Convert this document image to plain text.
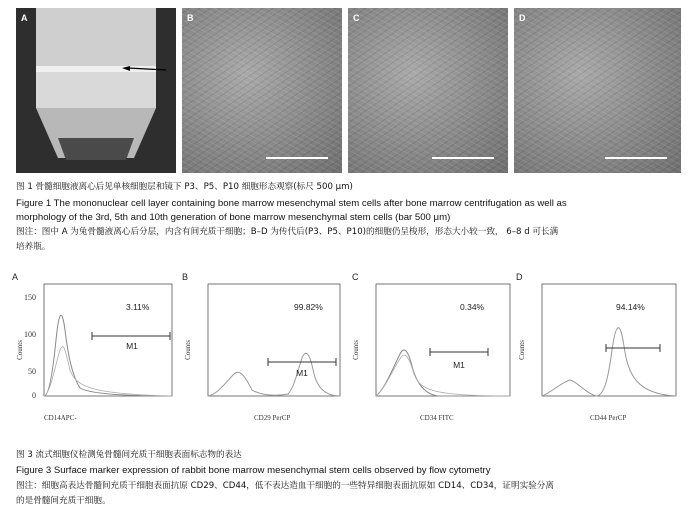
A	B	C	D
图 1 骨髓细胞液离心后见单核细胞层和镜下 P3、P5、P10 细胞形态观察(标尺 500 μm)
Figure 1 The mononuclear cell layer containing bone marrow mesenchymal stem cells after bone marrow centrifugation as well as
morphology of the 3rd, 5th and 10th generation of bone marrow mesenchymal stem cells (bar 500 μm)
图注：图中 A 为兔骨髓液离心后分层，内含有间充质干细胞；B–D 为传代后(P3、P5、P10)的细胞仍呈梭形，形态大小较一致， 6–8 d 可长满
培养瓶。
A
150
100
50
0
Counts	M1
3.11%
CD14APC-
B
Counts
M1
99.82%
CD29 PerCP
C
Counts
M1
0.34%
CD34 FITC
D
Counts
94.14%
CD44 PerCP
图 3 流式细胞仪检测兔骨髓间充质干细胞表面标志物的表达
Figure 3 Surface marker expression of rabbit bone marrow mesenchymal stem cells observed by flow cytometry
图注：细胞高表达骨髓间充质干细胞表面抗原 CD29、CD44，低不表达造血干细胞的一些特异细胞表面抗原如 CD14、CD34，证明实验分离
的是骨髓间充质干细胞。
